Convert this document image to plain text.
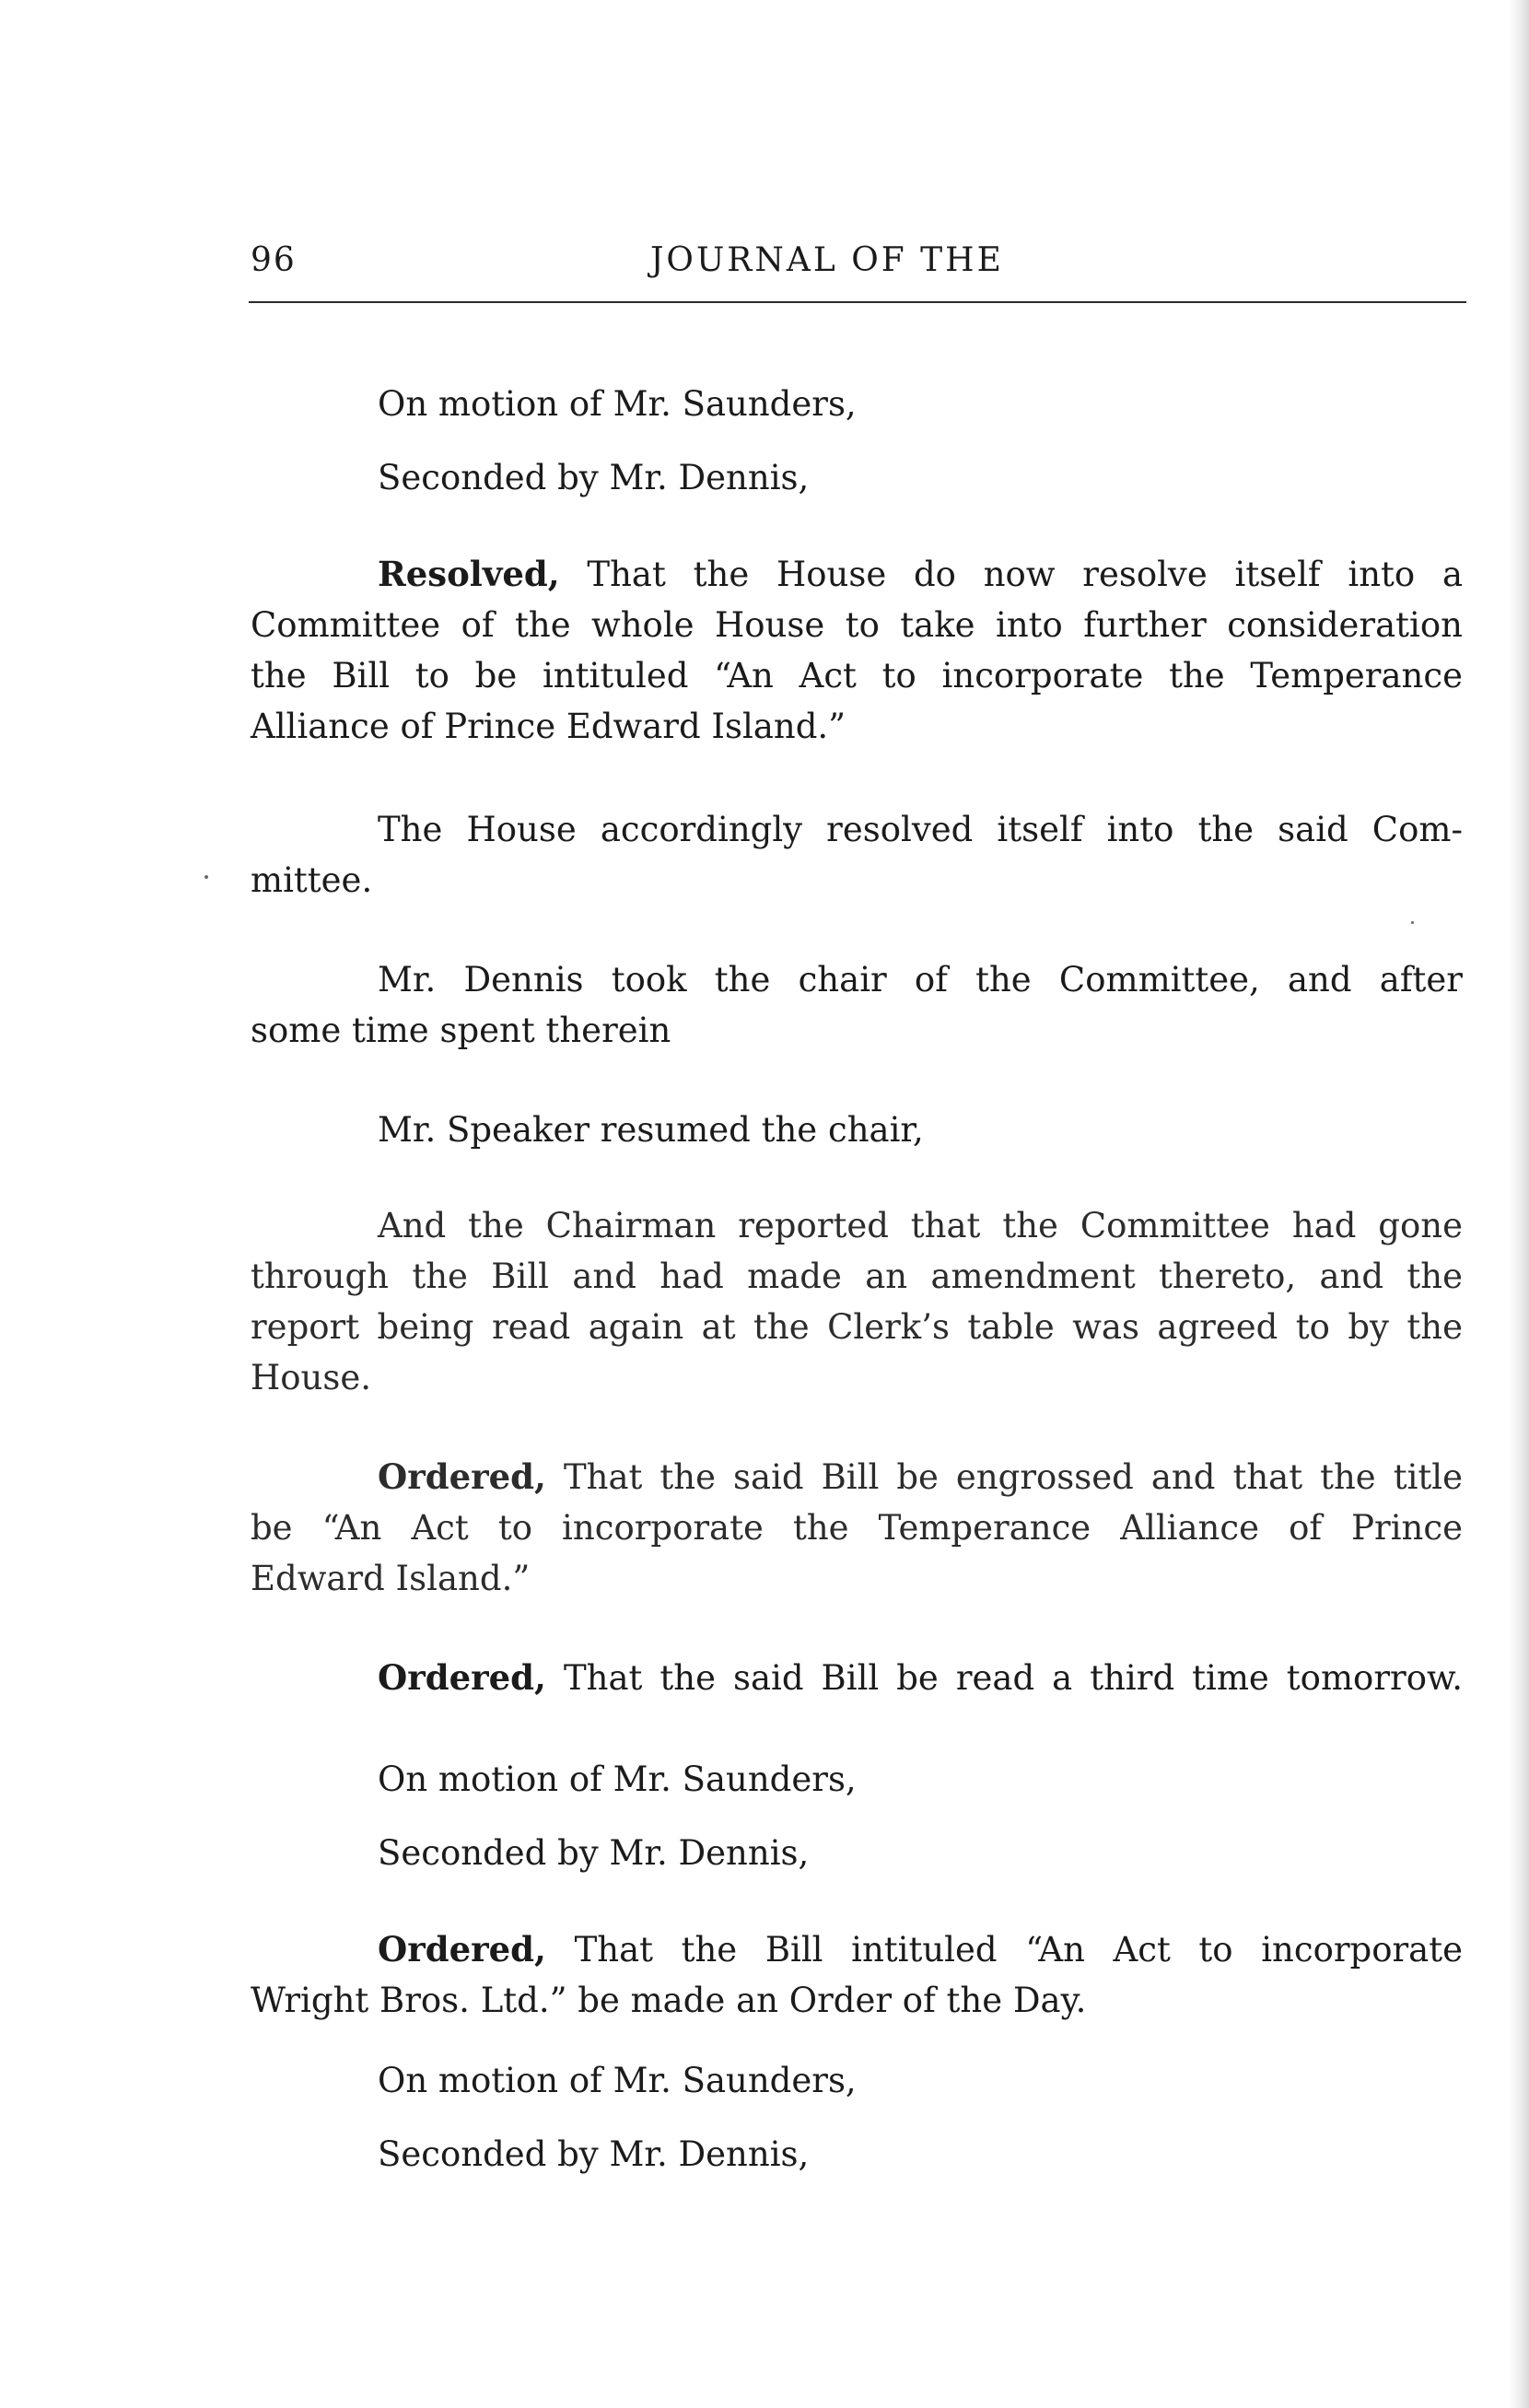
96	JOURNAL OF THE
On motion of Mr. Saunders,
Seconded by Mr. Dennis,
Resolved, That the House do now resolve itself into a
Committee of the whole House to take into further consideration
the Bill to be intituled “An Act to incorporate the Temperance
Alliance of Prince Edward Island.”
The House accordingly resolved itself into the said Com-
mittee.
Mr. Dennis took the chair of the Committee, and after
some time spent therein
Mr. Speaker resumed the chair,
And the Chairman reported that the Committee had gone
through the Bill and had made an amendment thereto, and the
report being read again at the Clerk’s table was agreed to by the
House.
Ordered, That the said Bill be engrossed and that the title
be “An Act to incorporate the Temperance Alliance of Prince
Edward Island.”
Ordered, That the said Bill be read a third time tomorrow.
On motion of Mr. Saunders,
Seconded by Mr. Dennis,
Ordered, That the Bill intituled “An Act to incorporate
Wright Bros. Ltd.” be made an Order of the Day.
On motion of Mr. Saunders,
Seconded by Mr. Dennis,
